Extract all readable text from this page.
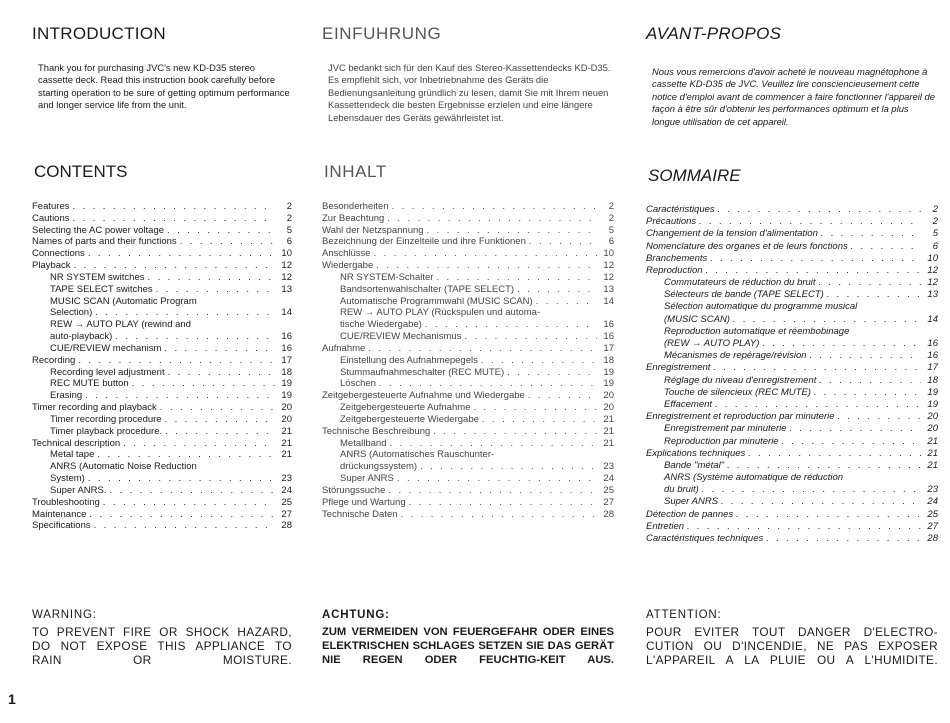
INTRODUCTION
Thank you for purchasing JVC's new KD-D35 stereo cassette deck. Read this instruction book carefully before starting operation to be sure of getting optimum performance and longer service life from the unit.
CONTENTS
Features . . .	2
Cautions . . .	2
Selecting the AC power voltage . . .	5
Names of parts and their functions . . .	6
Connections . . .	10
Playback . . .	12
NR SYSTEM switches . . .	12
TAPE SELECT switches . . .	13
MUSIC SCAN (Automatic Program
Selection) . . .	14
REW → AUTO PLAY (rewind and
auto-playback) . . .	16
CUE/REVIEW mechanism . . .	16
Recording . . .	17
Recording level adjustment . . .	18
REC MUTE button . . .	19
Erasing . . .	19
Timer recording and playback . . .	20
Timer recording procedure . . .	20
Timer playback procedure. . . .	21
Technical description . . .	21
Metal tape . . .	21
ANRS (Automatic Noise Reduction
System) . . .	23
Super ANRS. . . .	24
Troubleshooting . . .	25
Maintenance . . .	27
Specifications . . .	28
WARNING:
TO PREVENT FIRE OR SHOCK HAZARD, DO NOT EXPOSE THIS APPLIANCE TO RAIN OR MOISTURE.
EINFUHRUNG
JVC bedankt sich für den Kauf des Stereo-Kassettendecks KD-D35. Es empfiehlt sich, vor Inbetriebnahme des Geräts die Bedienungsanleitung gründlich zu lesen, damit Sie mit Ihrem neuen Kassettendeck die besten Ergebnisse erzielen und eine längere Lebensdauer des Geräts gewährleistet ist.
INHALT
Besonderheiten . . .	2
Zur Beachtung . . .	2
Wahl der Netzspannung . . .	5
Bezeichnung der Einzelteile und ihre Funktionen . . .	6
Anschlüsse . . .	10
Wiedergabe . . .	12
NR SYSTEM-Schalter . . .	12
Bandsortenwahlschalter (TAPE SELECT) . . .	13
Automatische Programmwahl (MUSIC SCAN) . . .	14
REW → AUTO PLAY (Rückspulen und automa-
tische Wiedergabe) . . .	16
CUE/REVIEW Mechanismus . . .	16
Aufnahme . . .	17
Einstellung des Aufnahmepegels . . .	18
Stummaufnahmeschalter (REC MUTE) . . .	19
Löschen . . .	19
Zeitgebergesteuerte Aufnahme und Wiedergabe . . .	20
Zeitgebergesteuerte Aufnahme . . .	20
Zeitgebergesteuerte Wiedergabe . . .	21
Technische Beschreibung . . .	21
Metallband . . .	21
ANRS (Automatisches Rauschunter-
drückungssystem) . . .	23
Super ANRS . . .	24
Störungssuche . . .	25
Pflege und Wartung . . .	27
Technische Daten . . .	28
ACHTUNG:
ZUM VERMEIDEN VON FEUERGEFAHR ODER EINES ELEKTRISCHEN SCHLAGES SETZEN SIE DAS GERÄT NIE REGEN ODER FEUCHTIG-KEIT AUS.
AVANT-PROPOS
Nous vous remercions d'avoir acheté le nouveau magnétophone à cassette KD-D35 de JVC. Veuillez lire consciencieusement cette notice d'emploi avant de commencer à faire fonctionner l'appareil de façon à être sûr d'obtenir les performances optimum et la plus longue utilisation de cet appareil.
SOMMAIRE
Caractéristiques . . .	2
Précautions . . .	2
Changement de la tension d'alimentation . . .	5
Nomenclature des organes et de leurs fonctions . . .	6
Branchements . . .	10
Reproduction . . .	12
Commutateurs de réduction du bruit . . .	12
Sélecteurs de bande (TAPE SELECT) . . .	13
Sélection automatique du programme musical
(MUSIC SCAN) . . .	14
Reproduction automatique et réembobinage
(REW → AUTO PLAY) . . .	16
Mécanismes de repérage/révision . . .	16
Enregistrement . . .	17
Réglage du niveau d'enregistrement . . .	18
Touche de silencieux (REC MUTE) . . .	19
Effacement . . .	19
Enregistrement et reproduction par minuterie . . .	20
Enregistrement par minuterie . . .	20
Reproduction par minuterie . . .	21
Explications techniques . . .	21
Bande "métal" . . .	21
ANRS (Système automatique de réduction
du bruit) . . .	23
Super ANRS . . .	24
Détection de pannes . . .	25
Entretien . . .	27
Caractéristiques techniques . . .	28
ATTENTION:
POUR EVITER TOUT DANGER D'ELECTRO-CUTION OU D'INCENDIE, NE PAS EXPOSER L'APPAREIL A LA PLUIE OU A L'HUMIDITE.
1
